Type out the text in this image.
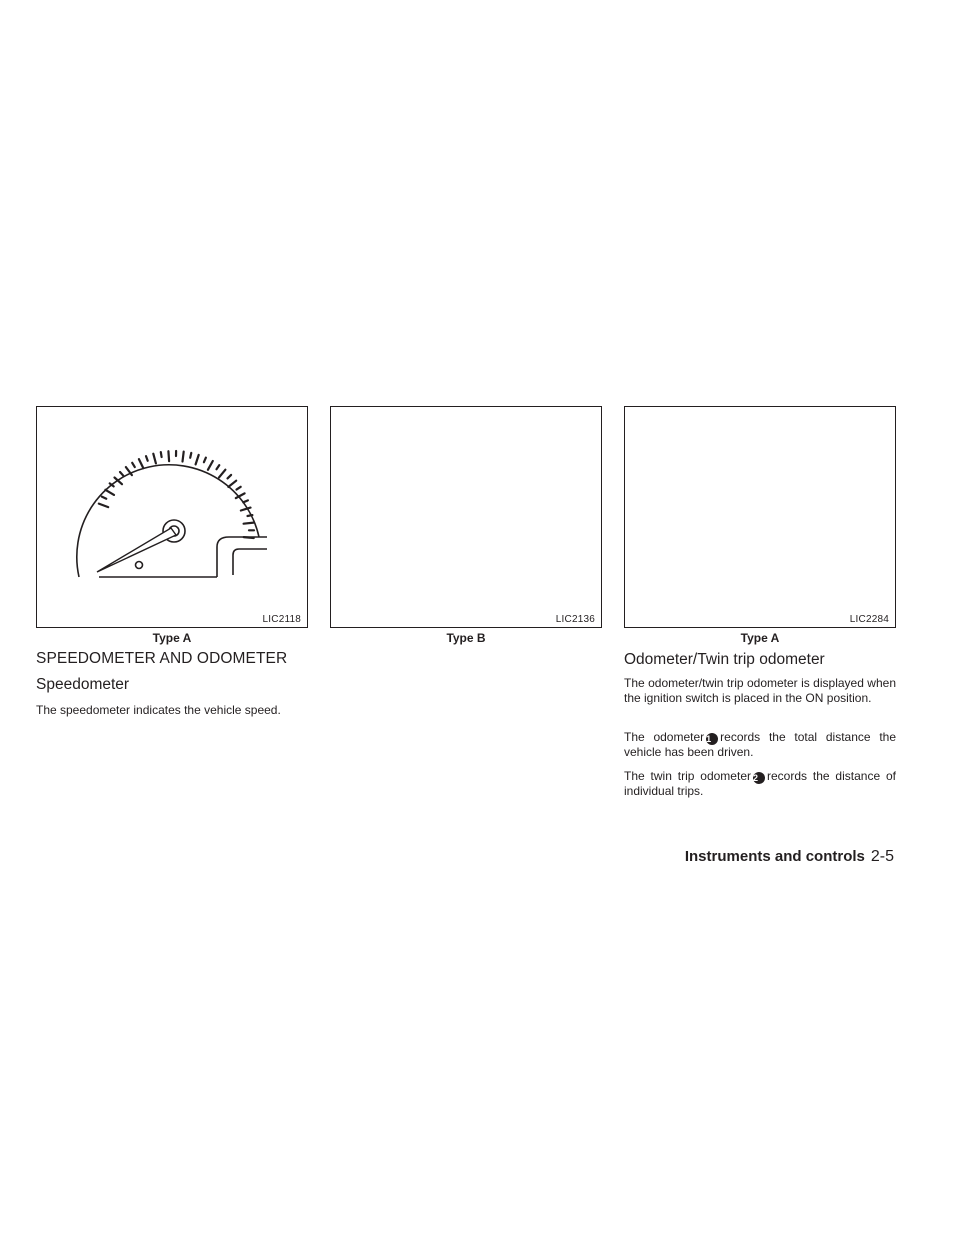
LIC2118
Type A
LIC2136
Type B
LIC2284
Type A
SPEEDOMETER AND ODOMETER
Speedometer
The speedometer indicates the vehicle speed.
Odometer/Twin trip odometer
The odometer/twin trip odometer is displayed when the ignition switch is placed in the ON position.
The odometer 1 records the total distance the vehicle has been driven.
The twin trip odometer 2 records the distance of individual trips.
Instruments and controls 2-5
